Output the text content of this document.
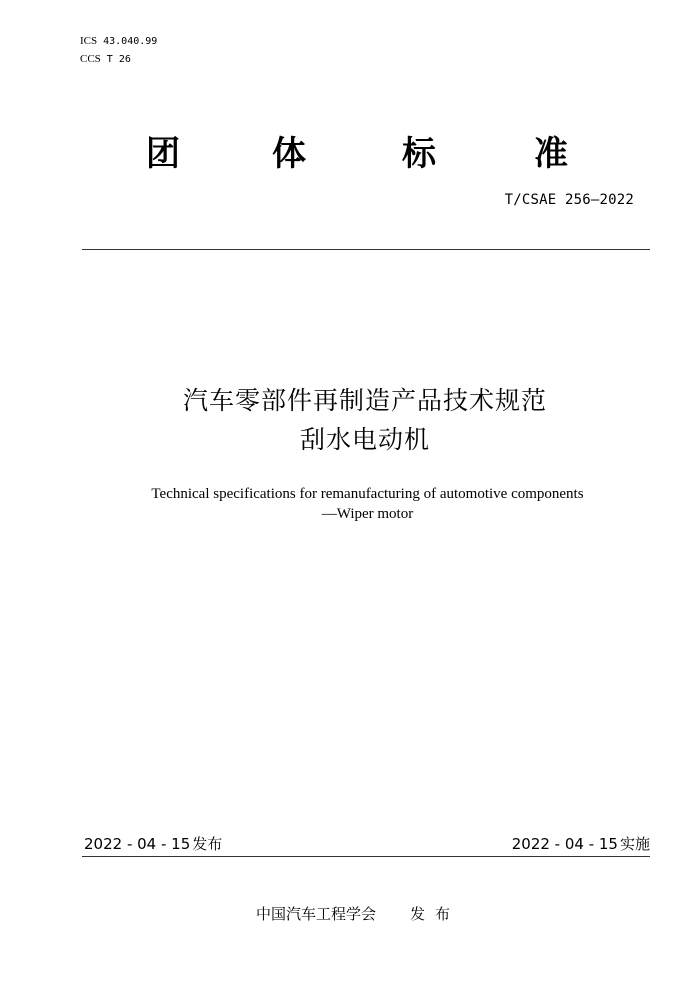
ICS 43.040.99
CCS T 26
团	体	标	准
T/CSAE 256—2022
汽车零部件再制造产品技术规范
刮水电动机
Technical specifications for remanufacturing of automotive components
—Wiper motor
2022 - 04 - 15 发布	2022 - 04 - 15 实施
中国汽车工程学会 发布
